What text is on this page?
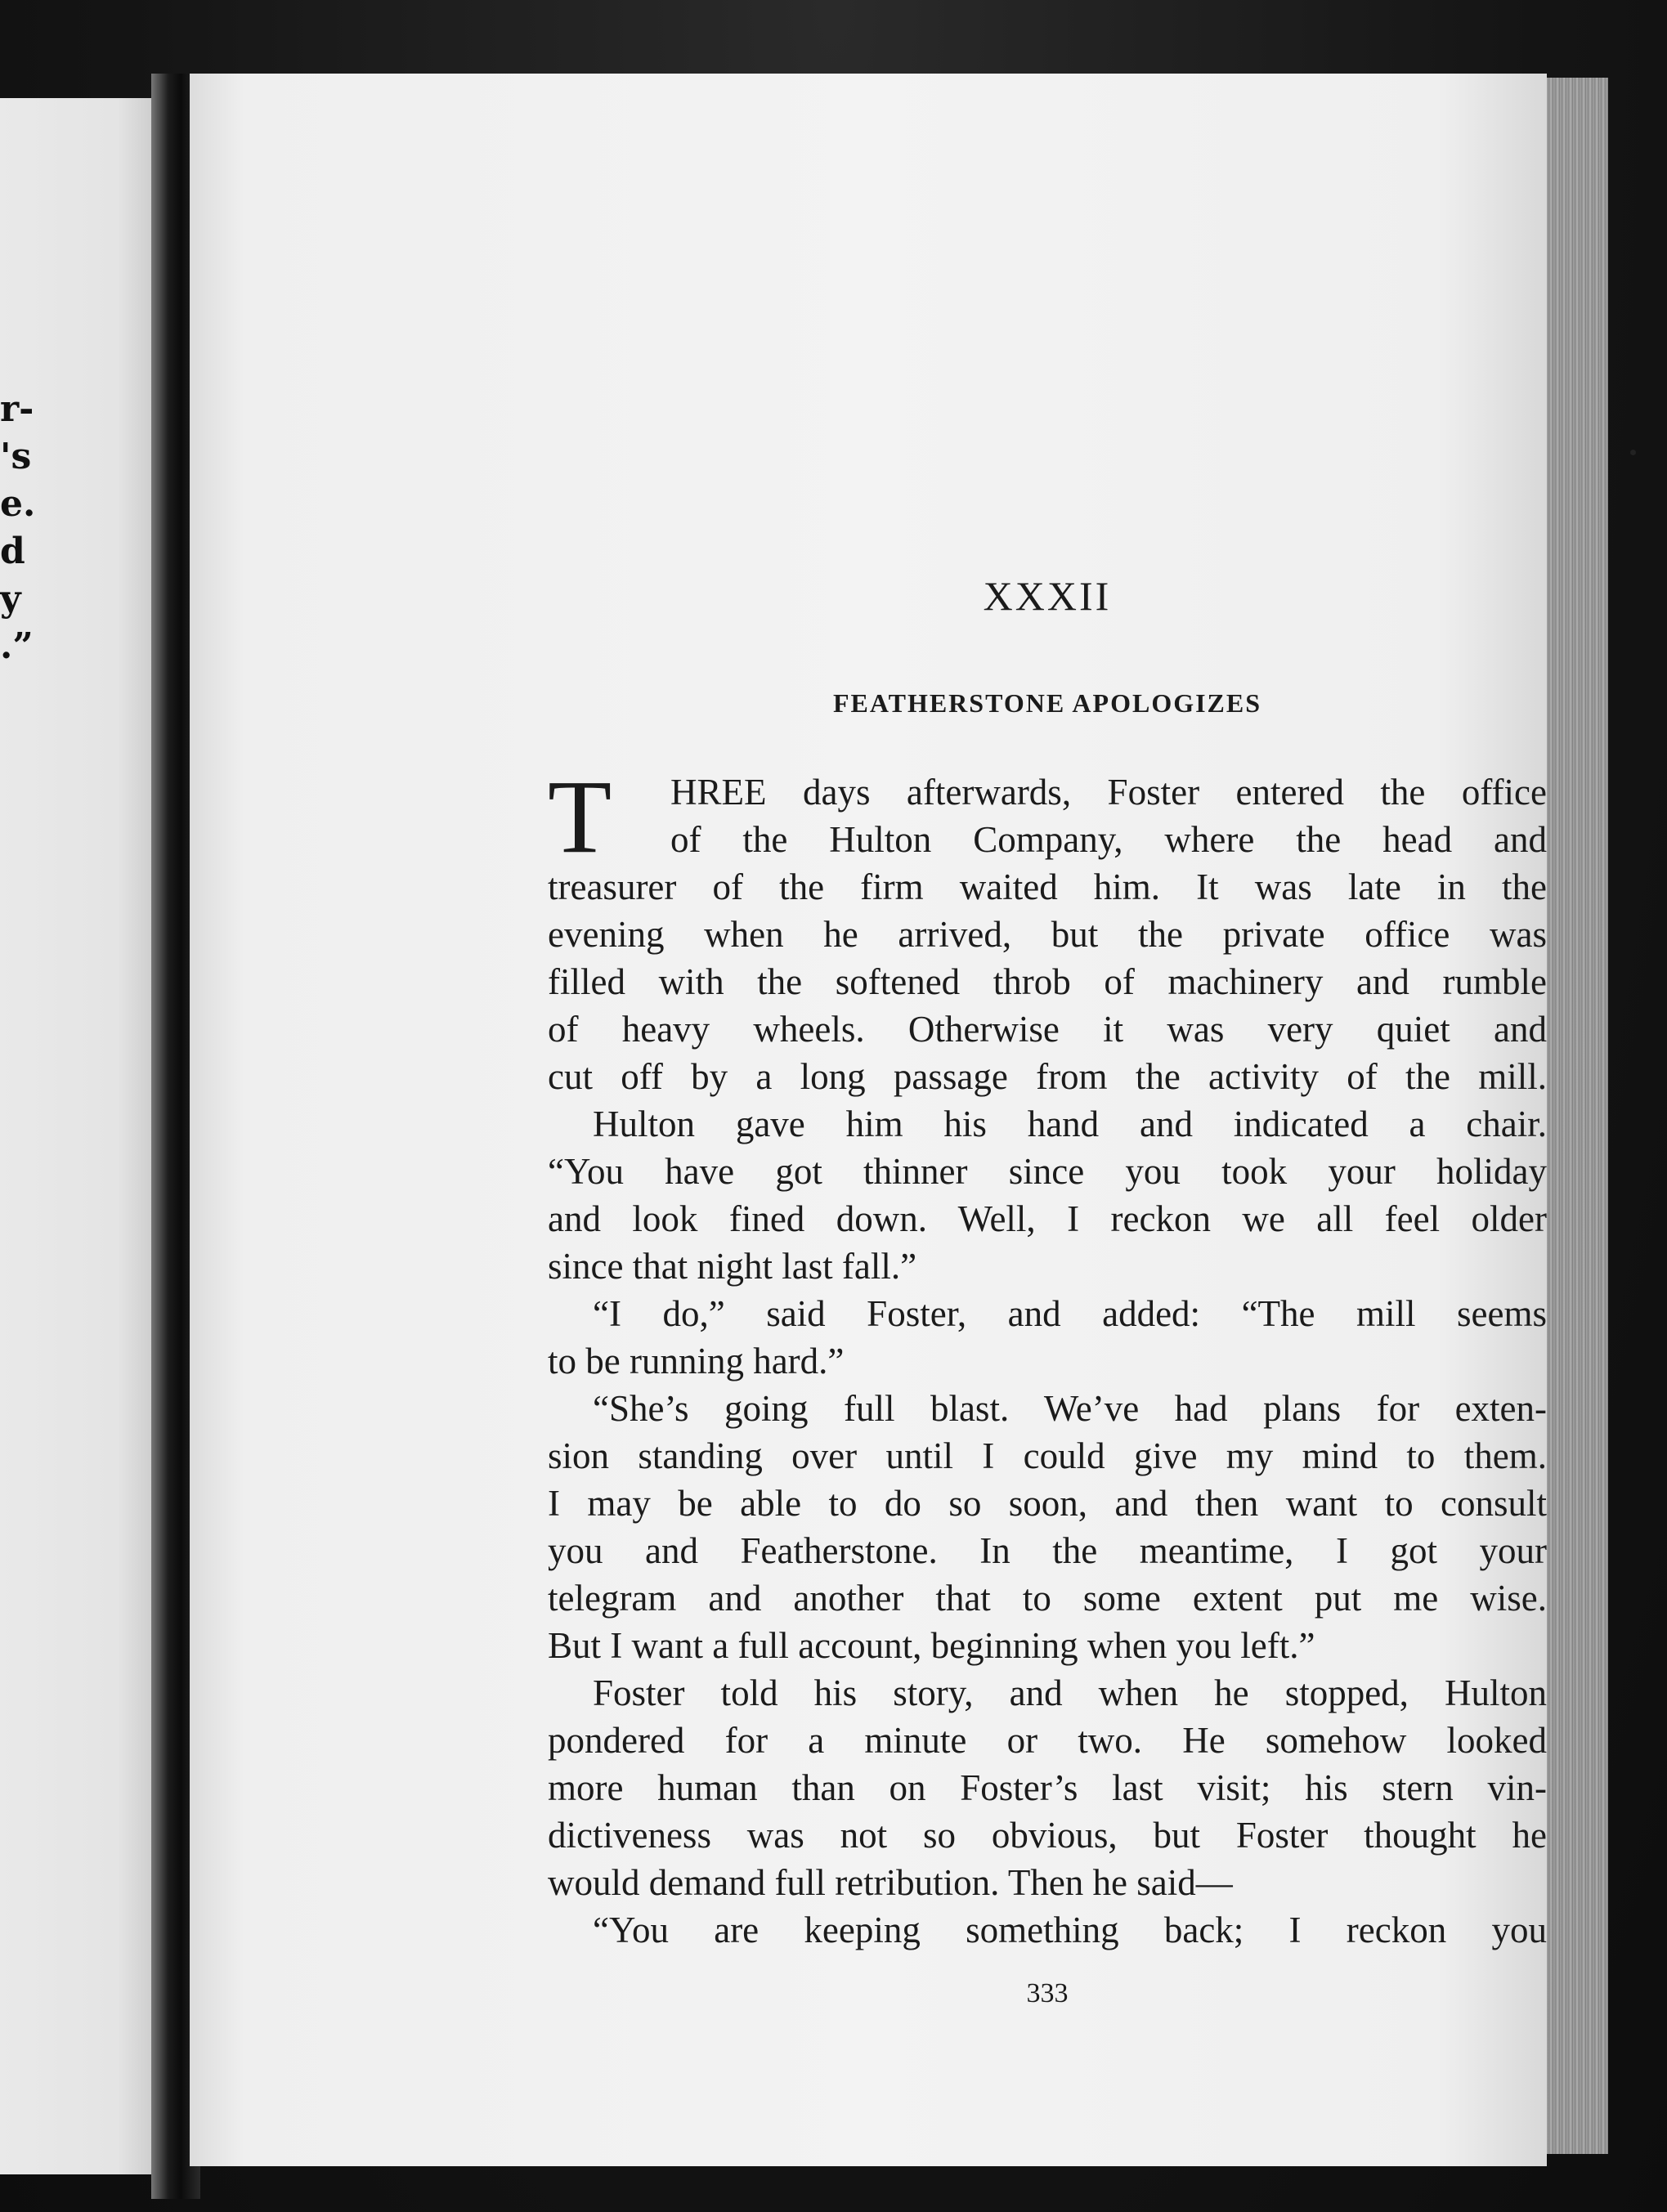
r-
's
e.
d
y
.”
XXXII
FEATHERSTONE APOLOGIZES
T	HREE days afterwards, Foster entered the office
of the Hulton Company, where the head and
treasurer of the firm waited him. It was late in the
evening when he arrived, but the private office was
filled with the softened throb of machinery and rumble
of heavy wheels. Otherwise it was very quiet and
cut off by a long passage from the activity of the mill.
Hulton gave him his hand and indicated a chair.
“You have got thinner since you took your holiday
and look fined down. Well, I reckon we all feel older
since that night last fall.”
“I do,” said Foster, and added: “The mill seems
to be running hard.”
“She’s going full blast. We’ve had plans for exten-
sion standing over until I could give my mind to them.
I may be able to do so soon, and then want to consult
you and Featherstone. In the meantime, I got your
telegram and another that to some extent put me wise.
But I want a full account, beginning when you left.”
Foster told his story, and when he stopped, Hulton
pondered for a minute or two. He somehow looked
more human than on Foster’s last visit; his stern vin-
dictiveness was not so obvious, but Foster thought he
would demand full retribution. Then he said—
“You are keeping something back; I reckon you
333
